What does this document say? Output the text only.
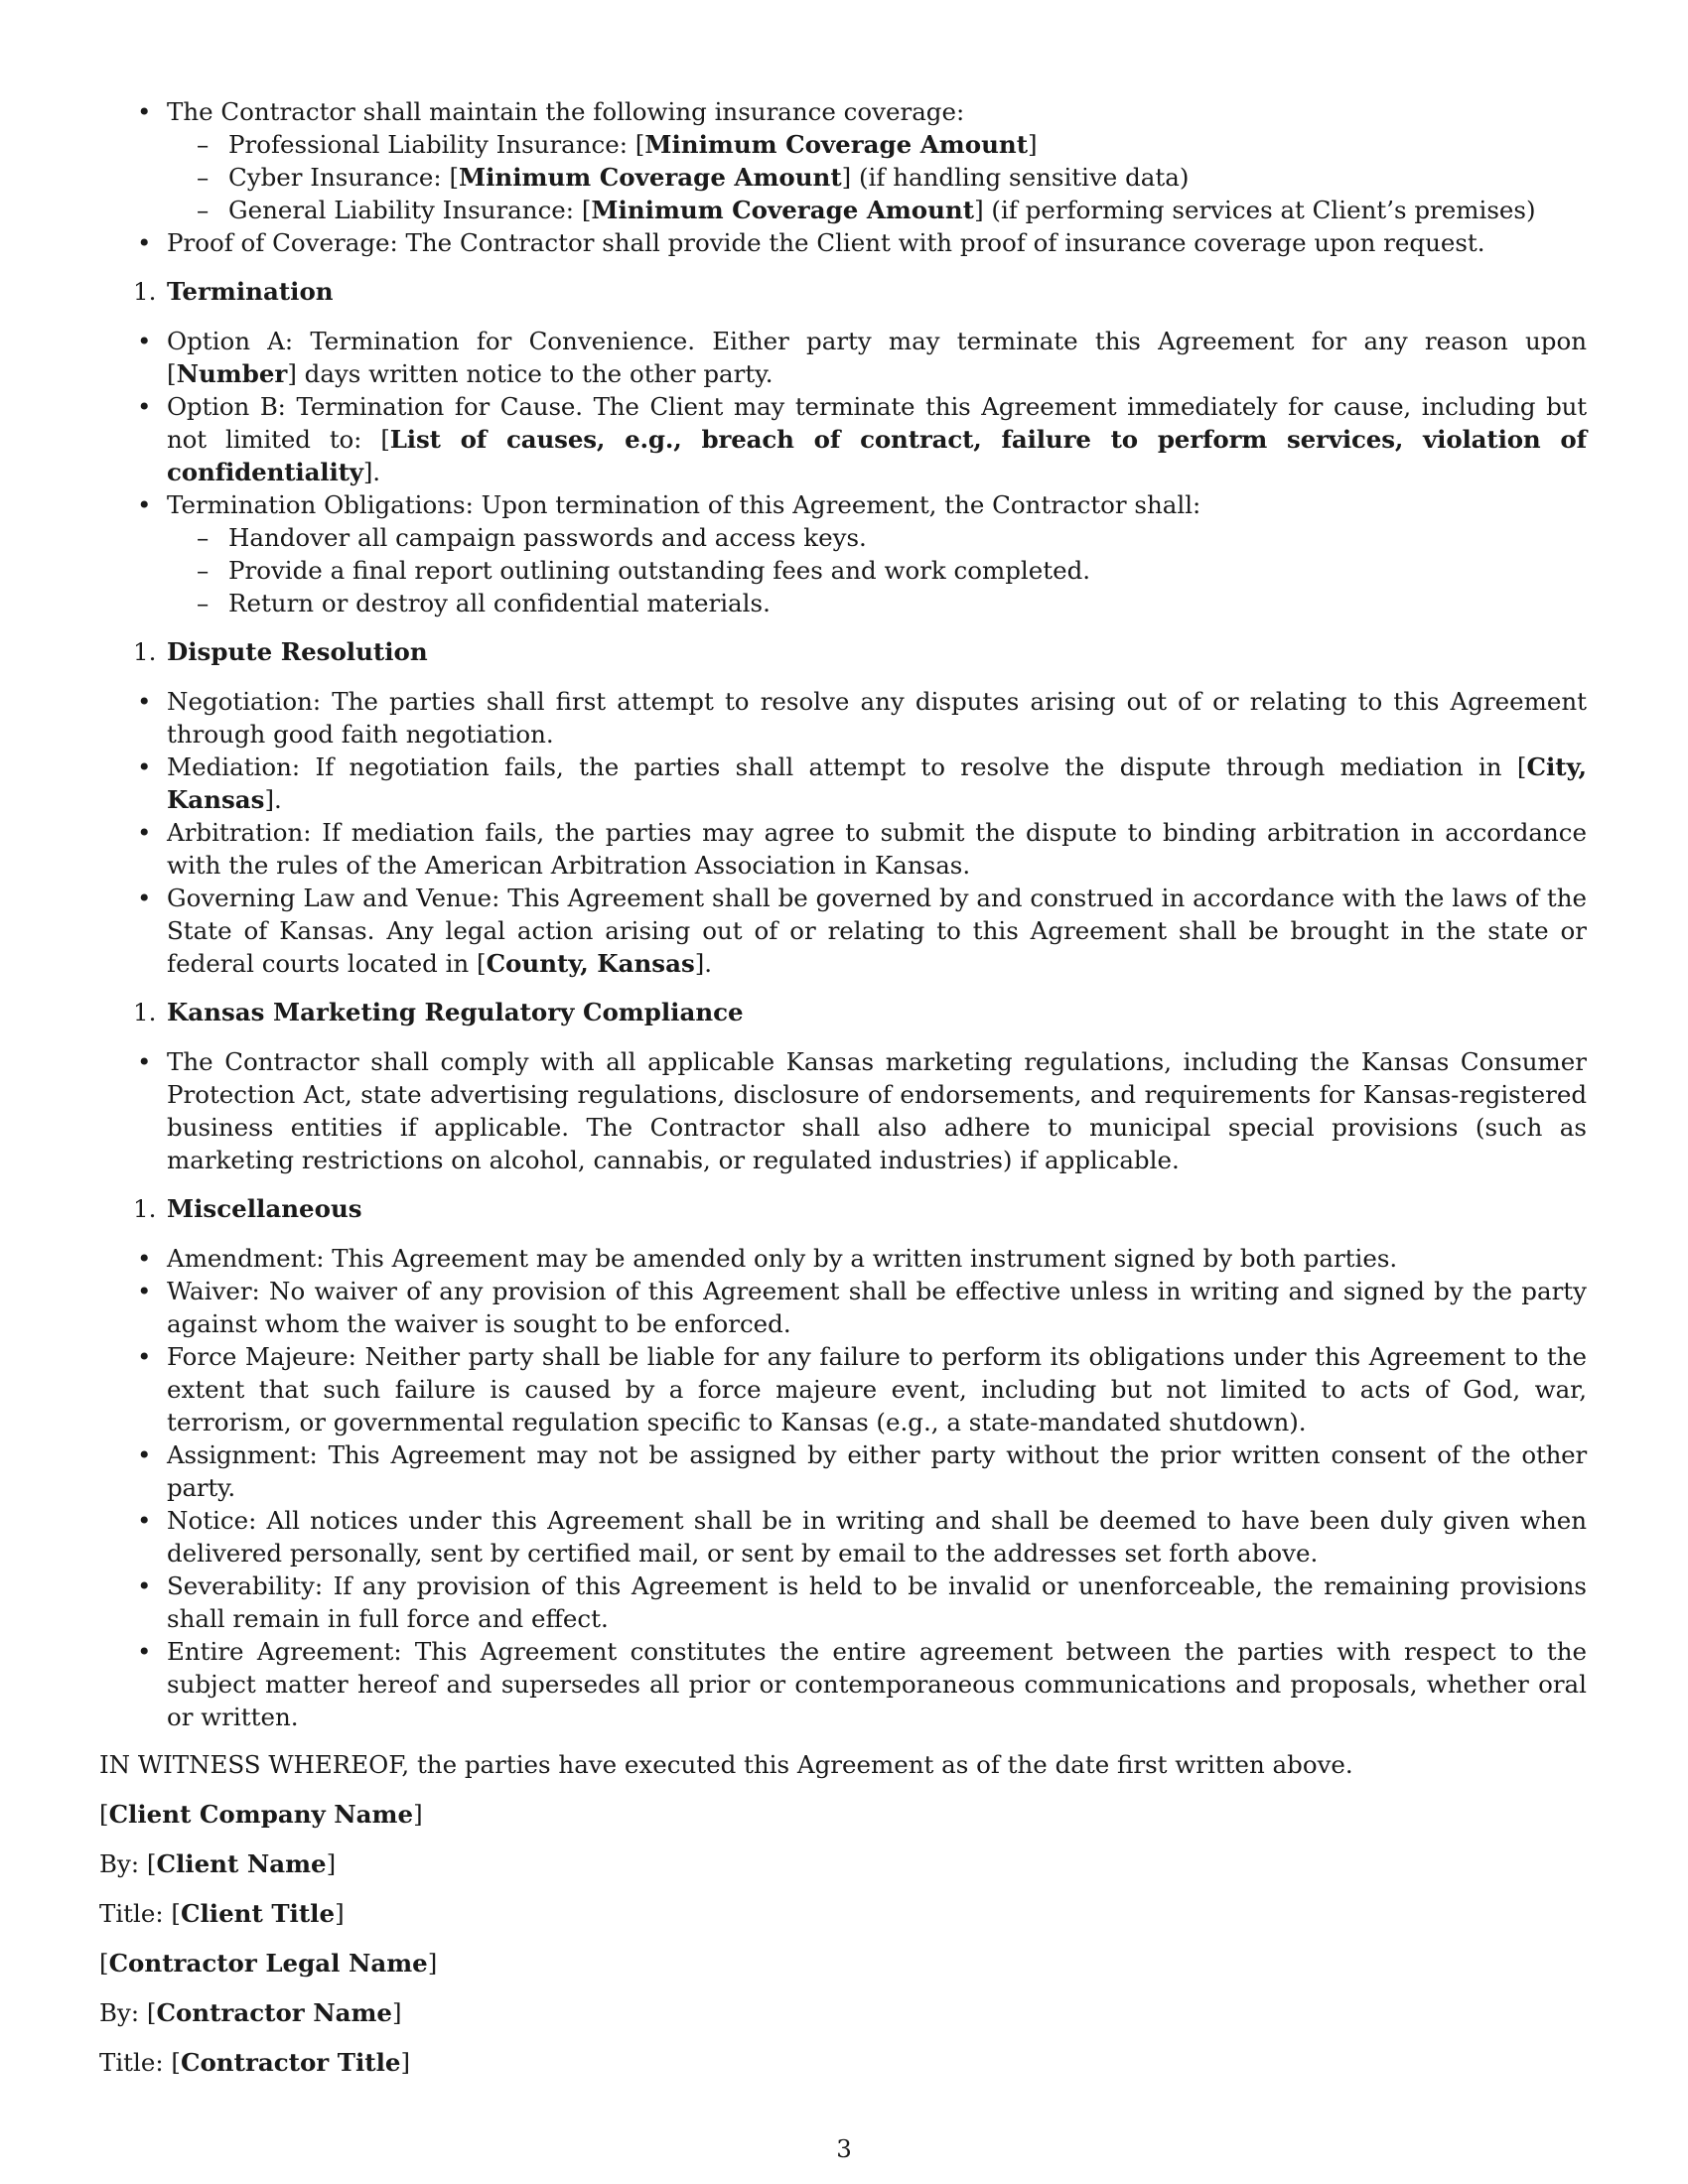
• The Contractor shall maintain the following insurance coverage:
– Professional Liability Insurance: [Minimum Coverage Amount]
– Cyber Insurance: [Minimum Coverage Amount] (if handling sensitive data)
– General Liability Insurance: [Minimum Coverage Amount] (if performing services at Client’s premises)
• Proof of Coverage: The Contractor shall provide the Client with proof of insurance coverage upon request.
1. Termination
• Option A: Termination for Convenience. Either party may terminate this Agreement for any reason upon [Number] days written notice to the other party.
• Option B: Termination for Cause. The Client may terminate this Agreement immediately for cause, including but not limited to: [List of causes, e.g., breach of contract, failure to perform services, violation of confidentiality].
• Termination Obligations: Upon termination of this Agreement, the Contractor shall:
– Handover all campaign passwords and access keys.
– Provide a final report outlining outstanding fees and work completed.
– Return or destroy all confidential materials.
1. Dispute Resolution
• Negotiation: The parties shall first attempt to resolve any disputes arising out of or relating to this Agreement through good faith negotiation.
• Mediation: If negotiation fails, the parties shall attempt to resolve the dispute through mediation in [City, Kansas].
• Arbitration: If mediation fails, the parties may agree to submit the dispute to binding arbitration in accordance with the rules of the American Arbitration Association in Kansas.
• Governing Law and Venue: This Agreement shall be governed by and construed in accordance with the laws of the State of Kansas. Any legal action arising out of or relating to this Agreement shall be brought in the state or federal courts located in [County, Kansas].
1. Kansas Marketing Regulatory Compliance
• The Contractor shall comply with all applicable Kansas marketing regulations, including the Kansas Consumer Protection Act, state advertising regulations, disclosure of endorsements, and requirements for Kansas-registered business entities if applicable. The Contractor shall also adhere to municipal special provisions (such as marketing restrictions on alcohol, cannabis, or regulated industries) if applicable.
1. Miscellaneous
• Amendment: This Agreement may be amended only by a written instrument signed by both parties.
• Waiver: No waiver of any provision of this Agreement shall be effective unless in writing and signed by the party against whom the waiver is sought to be enforced.
• Force Majeure: Neither party shall be liable for any failure to perform its obligations under this Agreement to the extent that such failure is caused by a force majeure event, including but not limited to acts of God, war, terrorism, or governmental regulation specific to Kansas (e.g., a state-mandated shutdown).
• Assignment: This Agreement may not be assigned by either party without the prior written consent of the other party.
• Notice: All notices under this Agreement shall be in writing and shall be deemed to have been duly given when delivered personally, sent by certified mail, or sent by email to the addresses set forth above.
• Severability: If any provision of this Agreement is held to be invalid or unenforceable, the remaining provisions shall remain in full force and effect.
• Entire Agreement: This Agreement constitutes the entire agreement between the parties with respect to the subject matter hereof and supersedes all prior or contemporaneous communications and proposals, whether oral or written.

IN WITNESS WHEREOF, the parties have executed this Agreement as of the date first written above.

[Client Company Name]

By: [Client Name]

Title: [Client Title]

[Contractor Legal Name]

By: [Contractor Name]

Title: [Contractor Title]

3
